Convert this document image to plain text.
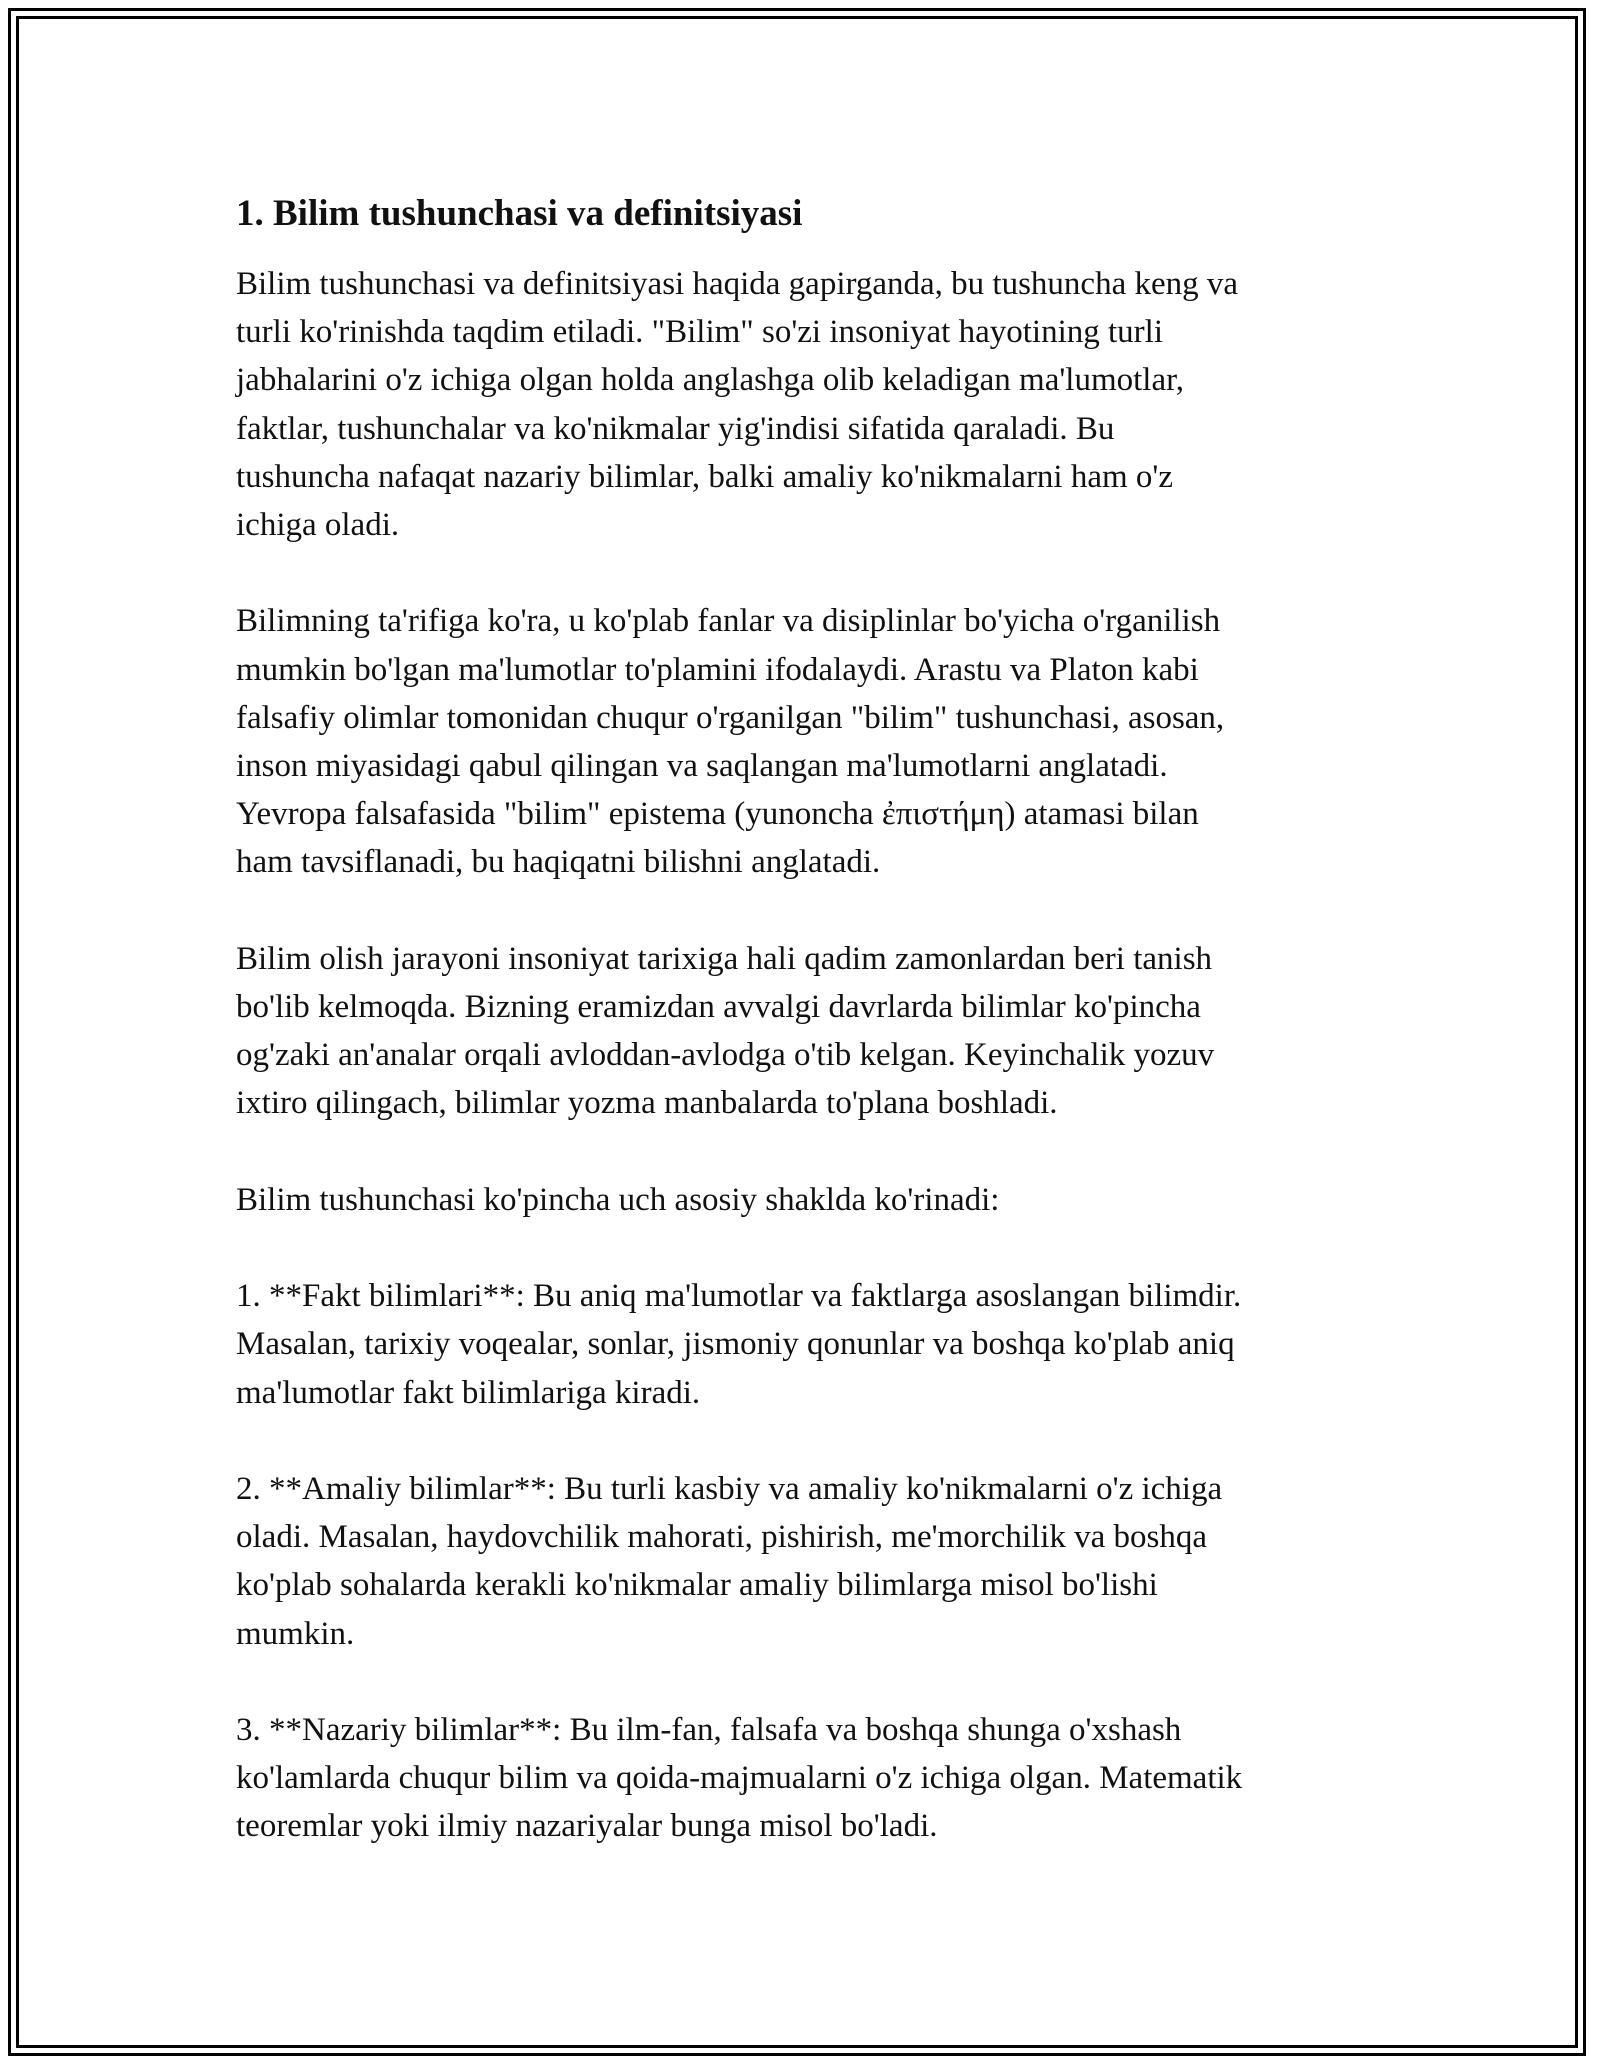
1. Bilim tushunchasi va definitsiyasi
Bilim tushunchasi va definitsiyasi haqida gapirganda, bu tushuncha keng va
turli ko'rinishda taqdim etiladi. "Bilim" so'zi insoniyat hayotining turli
jabhalarini o'z ichiga olgan holda anglashga olib keladigan ma'lumotlar,
faktlar, tushunchalar va ko'nikmalar yig'indisi sifatida qaraladi. Bu
tushuncha nafaqat nazariy bilimlar, balki amaliy ko'nikmalarni ham o'z
ichiga oladi.
Bilimning ta'rifiga ko'ra, u ko'plab fanlar va disiplinlar bo'yicha o'rganilish
mumkin bo'lgan ma'lumotlar to'plamini ifodalaydi. Arastu va Platon kabi
falsafiy olimlar tomonidan chuqur o'rganilgan "bilim" tushunchasi, asosan,
inson miyasidagi qabul qilingan va saqlangan ma'lumotlarni anglatadi.
Yevropa falsafasida "bilim" epistema (yunoncha ἐπιστήμη) atamasi bilan
ham tavsiflanadi, bu haqiqatni bilishni anglatadi.
Bilim olish jarayoni insoniyat tarixiga hali qadim zamonlardan beri tanish
bo'lib kelmoqda. Bizning eramizdan avvalgi davrlarda bilimlar ko'pincha
og'zaki an'analar orqali avloddan-avlodga o'tib kelgan. Keyinchalik yozuv
ixtiro qilingach, bilimlar yozma manbalarda to'plana boshladi.
Bilim tushunchasi ko'pincha uch asosiy shaklda ko'rinadi:
1. **Fakt bilimlari**: Bu aniq ma'lumotlar va faktlarga asoslangan bilimdir.
Masalan, tarixiy voqealar, sonlar, jismoniy qonunlar va boshqa ko'plab aniq
ma'lumotlar fakt bilimlariga kiradi.
2. **Amaliy bilimlar**: Bu turli kasbiy va amaliy ko'nikmalarni o'z ichiga
oladi. Masalan, haydovchilik mahorati, pishirish, me'morchilik va boshqa
ko'plab sohalarda kerakli ko'nikmalar amaliy bilimlarga misol bo'lishi
mumkin.
3. **Nazariy bilimlar**: Bu ilm-fan, falsafa va boshqa shunga o'xshash
ko'lamlarda chuqur bilim va qoida-majmualarni o'z ichiga olgan. Matematik
teoremlar yoki ilmiy nazariyalar bunga misol bo'ladi.
